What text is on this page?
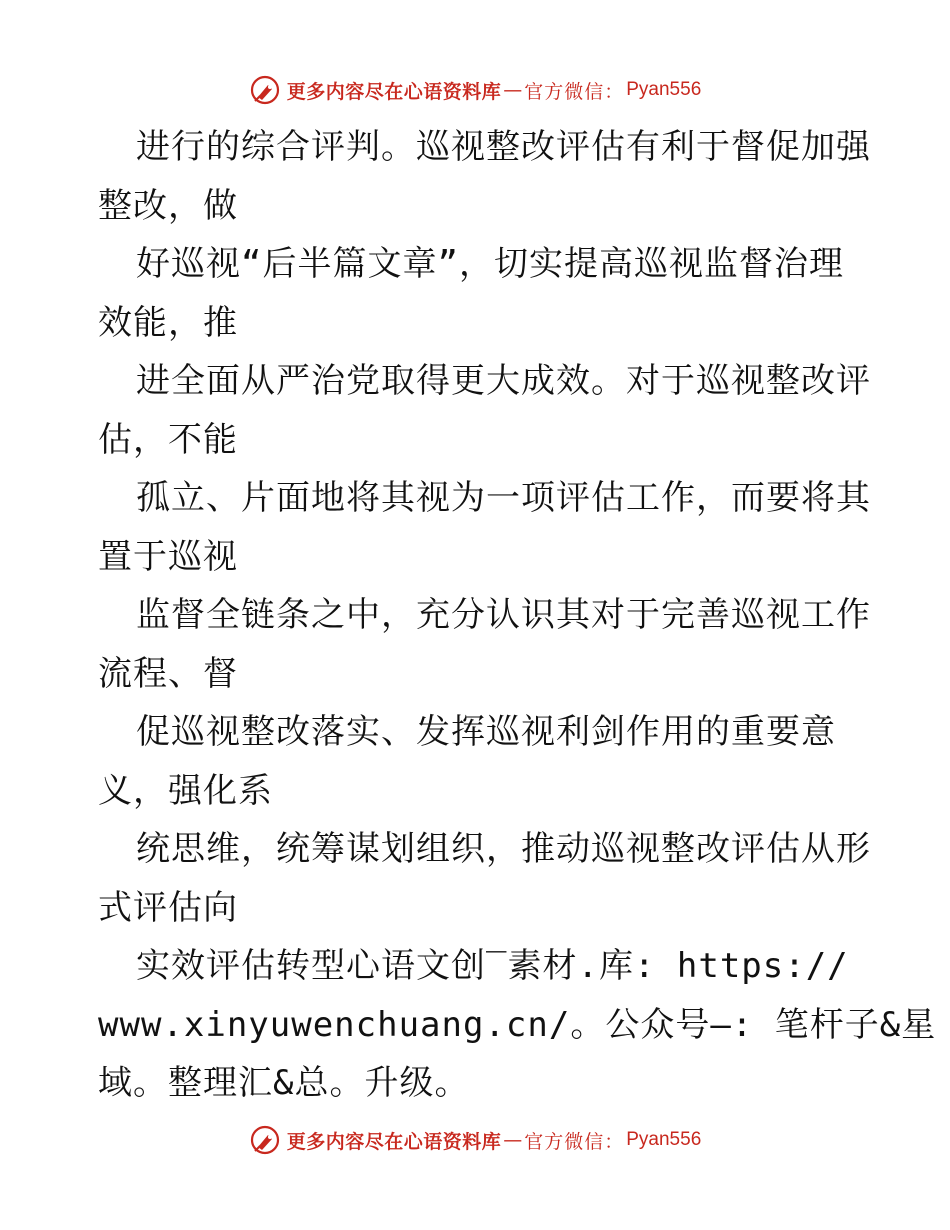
更多内容尽在心语资料库 — 官方微信： Pyan556
进行的综合评判。巡视整改评估有利于督促加强
整改，做
好巡视“后半篇文章”，切实提高巡视监督治理
效能，推
进全面从严治党取得更大成效。对于巡视整改评
估，不能
孤立、片面地将其视为一项评估工作，而要将其
置于巡视
监督全链条之中，充分认识其对于完善巡视工作
流程、督
促巡视整改落实、发挥巡视利剑作用的重要意
义，强化系
统思维，统筹谋划组织，推动巡视整改评估从形
式评估向
实效评估转型心语文创‾素材.库: https://
www.xinyuwenchuang.cn/。公众号—: 笔杆子&星
域。整理汇&总。升级。
更多内容尽在心语资料库 — 官方微信： Pyan556
